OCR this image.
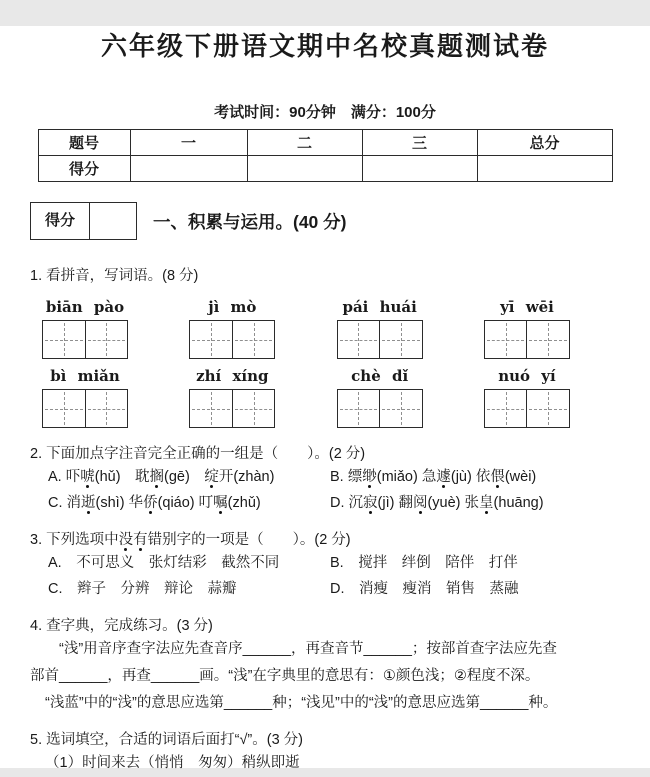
六年级下册语文期中名校真题测试卷
考试时间：90分钟　满分：100分
题号	一	二	三	总分
得分				
得分	一、积累与运用。(40 分)
1. 看拼音，写词语。(8 分)
biān pào	jì mò	pái huái	yī wēi
bì miǎn	zhí xíng	chè dǐ	nuó yí
2. 下面加点字注音完全正确的一组是（　　）。(2 分)
A. 吓唬(hǔ)　耽搁(gē)　绽开(zhàn)	B. 缥缈(miǎo) 急遽(jù) 依偎(wèi)
C. 消逝(shì) 华侨(qiáo) 叮嘱(zhǔ)	D. 沉寂(jì) 翻阅(yuè) 张皇(huāng)
3. 下列选项中没有错别字的一项是（　　）。(2 分)
A.　不可思义　张灯结彩　截然不同	B.　搅拌　绊倒　陪伴　打伴
C.　辫子　分辨　辩论　蒜瓣	D.　消瘦　瘦消　销售　蒸融
4. 查字典，完成练习。(3 分)
“浅”用音序查字法应先查音序______，再查音节______；按部首查字法应先查
部首______，再查______画。“浅”在字典里的意思有：①颜色浅；②程度不深。
“浅蓝”中的“浅”的意思应选第______种；“浅见”中的“浅”的意思应选第______种。
5. 选词填空，合适的词语后面打“√”。(3 分)
（1）时间来去（悄悄　匆匆）稍纵即逝
